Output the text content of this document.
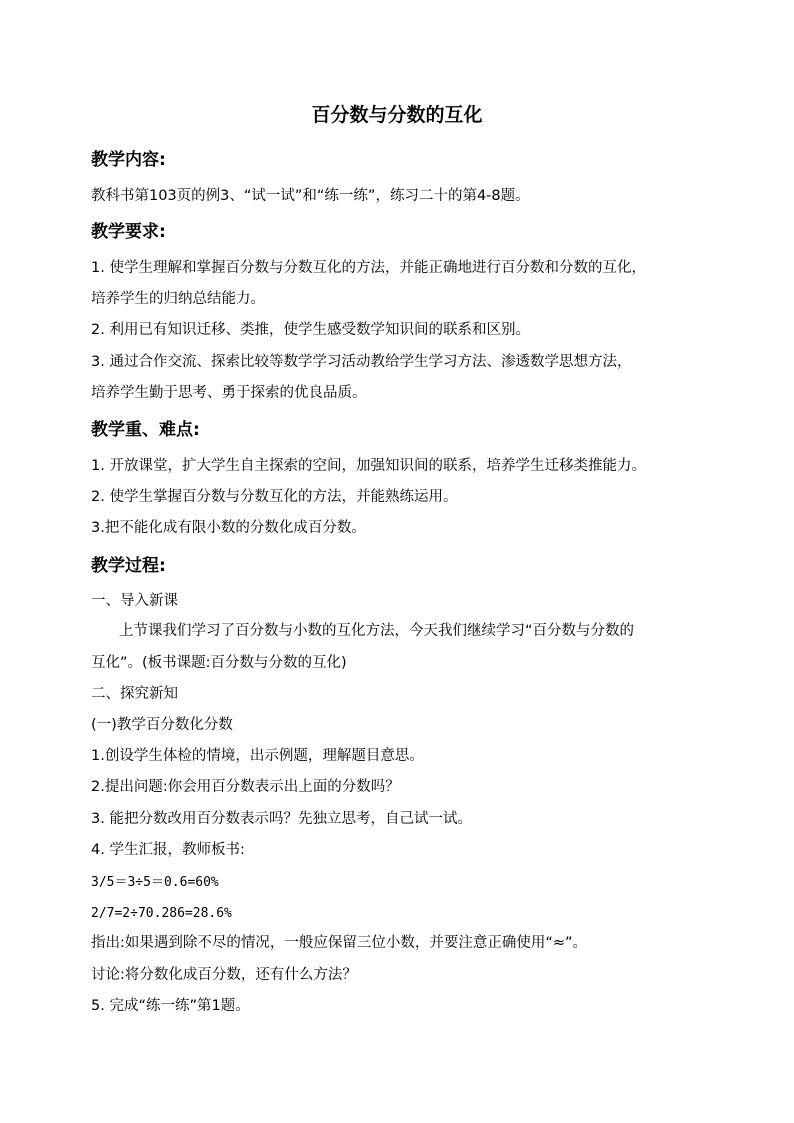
百分数与分数的互化
教学内容:
教科书第103页的例3、“试一试”和“练一练”，练习二十的第4-8题。
教学要求:
1. 使学生理解和掌握百分数与分数互化的方法，并能正确地进行百分数和分数的互化，
培养学生的归纳总结能力。
2. 利用已有知识迁移、类推，使学生感受数学知识间的联系和区别。
3. 通过合作交流、探索比较等数学学习活动教给学生学习方法、渗透数学思想方法，
培养学生勤于思考、勇于探索的优良品质。
教学重、难点:
1. 开放课堂，扩大学生自主探索的空间，加强知识间的联系，培养学生迁移类推能力。
2. 使学生掌握百分数与分数互化的方法，并能熟练运用。
3.把不能化成有限小数的分数化成百分数。
教学过程:
一、导入新课
上节课我们学习了百分数与小数的互化方法，今天我们继续学习“百分数与分数的
互化”。(板书课题:百分数与分数的互化)
二、探究新知
(一)教学百分数化分数
1.创设学生体检的情境，出示例题，理解题目意思。
2.提出问题:你会用百分数表示出上面的分数吗？
3. 能把分数改用百分数表示吗？先独立思考，自己试一试。
4. 学生汇报，教师板书:
3/5＝3÷5＝0.6=60%
2/7=2÷70.286=28.6%
指出:如果遇到除不尽的情况，一般应保留三位小数，并要注意正确使用“≈”。
讨论:将分数化成百分数，还有什么方法？
5. 完成“练一练”第1题。
